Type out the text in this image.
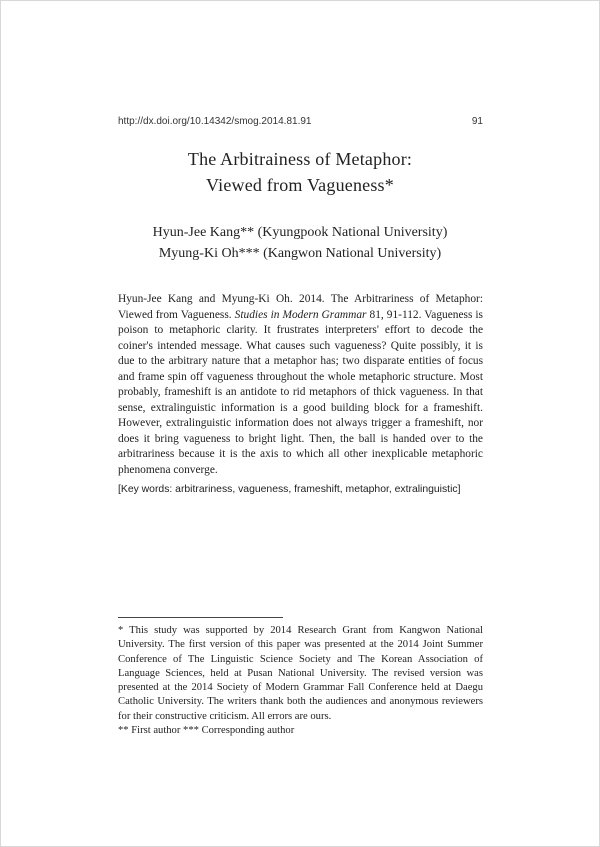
http://dx.doi.org/10.14342/smog.2014.81.91	91
The Arbitrainess of Metaphor:
Viewed from Vagueness*
Hyun-Jee Kang** (Kyungpook National University)
Myung-Ki Oh*** (Kangwon National University)
Hyun-Jee Kang and Myung-Ki Oh. 2014. The Arbitrariness of Metaphor: Viewed from Vagueness. Studies in Modern Grammar 81, 91-112. Vagueness is poison to metaphoric clarity. It frustrates interpreters' effort to decode the coiner's intended message. What causes such vagueness? Quite possibly, it is due to the arbitrary nature that a metaphor has; two disparate entities of focus and frame spin off vagueness throughout the whole metaphoric structure. Most probably, frameshift is an antidote to rid metaphors of thick vagueness. In that sense, extralinguistic information is a good building block for a frameshift. However, extralinguistic information does not always trigger a frameshift, nor does it bring vagueness to bright light. Then, the ball is handed over to the arbitrariness because it is the axis to which all other inexplicable metaphoric phenomena converge.
[Key words: arbitrariness, vagueness, frameshift, metaphor, extralinguistic]

* This study was supported by 2014 Research Grant from Kangwon National University. The first version of this paper was presented at the 2014 Joint Summer Conference of The Linguistic Science Society and The Korean Association of Language Sciences, held at Pusan National University. The revised version was presented at the 2014 Society of Modern Grammar Fall Conference held at Daegu Catholic University. The writers thank both the audiences and anonymous reviewers for their constructive criticism. All errors are ours.

** First author *** Corresponding author
